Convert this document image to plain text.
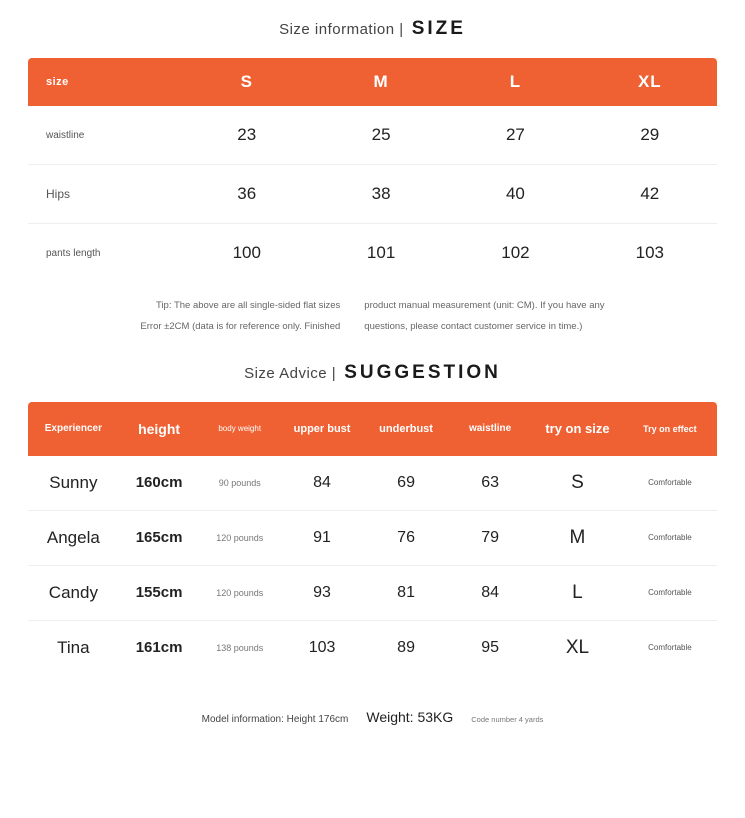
Size information | SIZE
size	S	M	L	XL
waistline	23	25	27	29
Hips	36	38	40	42
pants length	100	101	102	103
Tip: The above are all single-sided flat sizes
Error ±2CM (data is for reference only. Finished
product manual measurement (unit: CM). If you have any
questions, please contact customer service in time.)
Size Advice | SUGGESTION
Experiencer	height	body weight	upper bust	underbust	waistline	try on size	Try on effect
Sunny	160cm	90 pounds	84	69	63	S	Comfortable
Angela	165cm	120 pounds	91	76	79	M	Comfortable
Candy	155cm	120 pounds	93	81	84	L	Comfortable
Tina	161cm	138 pounds	103	89	95	XL	Comfortable
Model information: Height 176cm Weight: 53KG Code number 4 yards
